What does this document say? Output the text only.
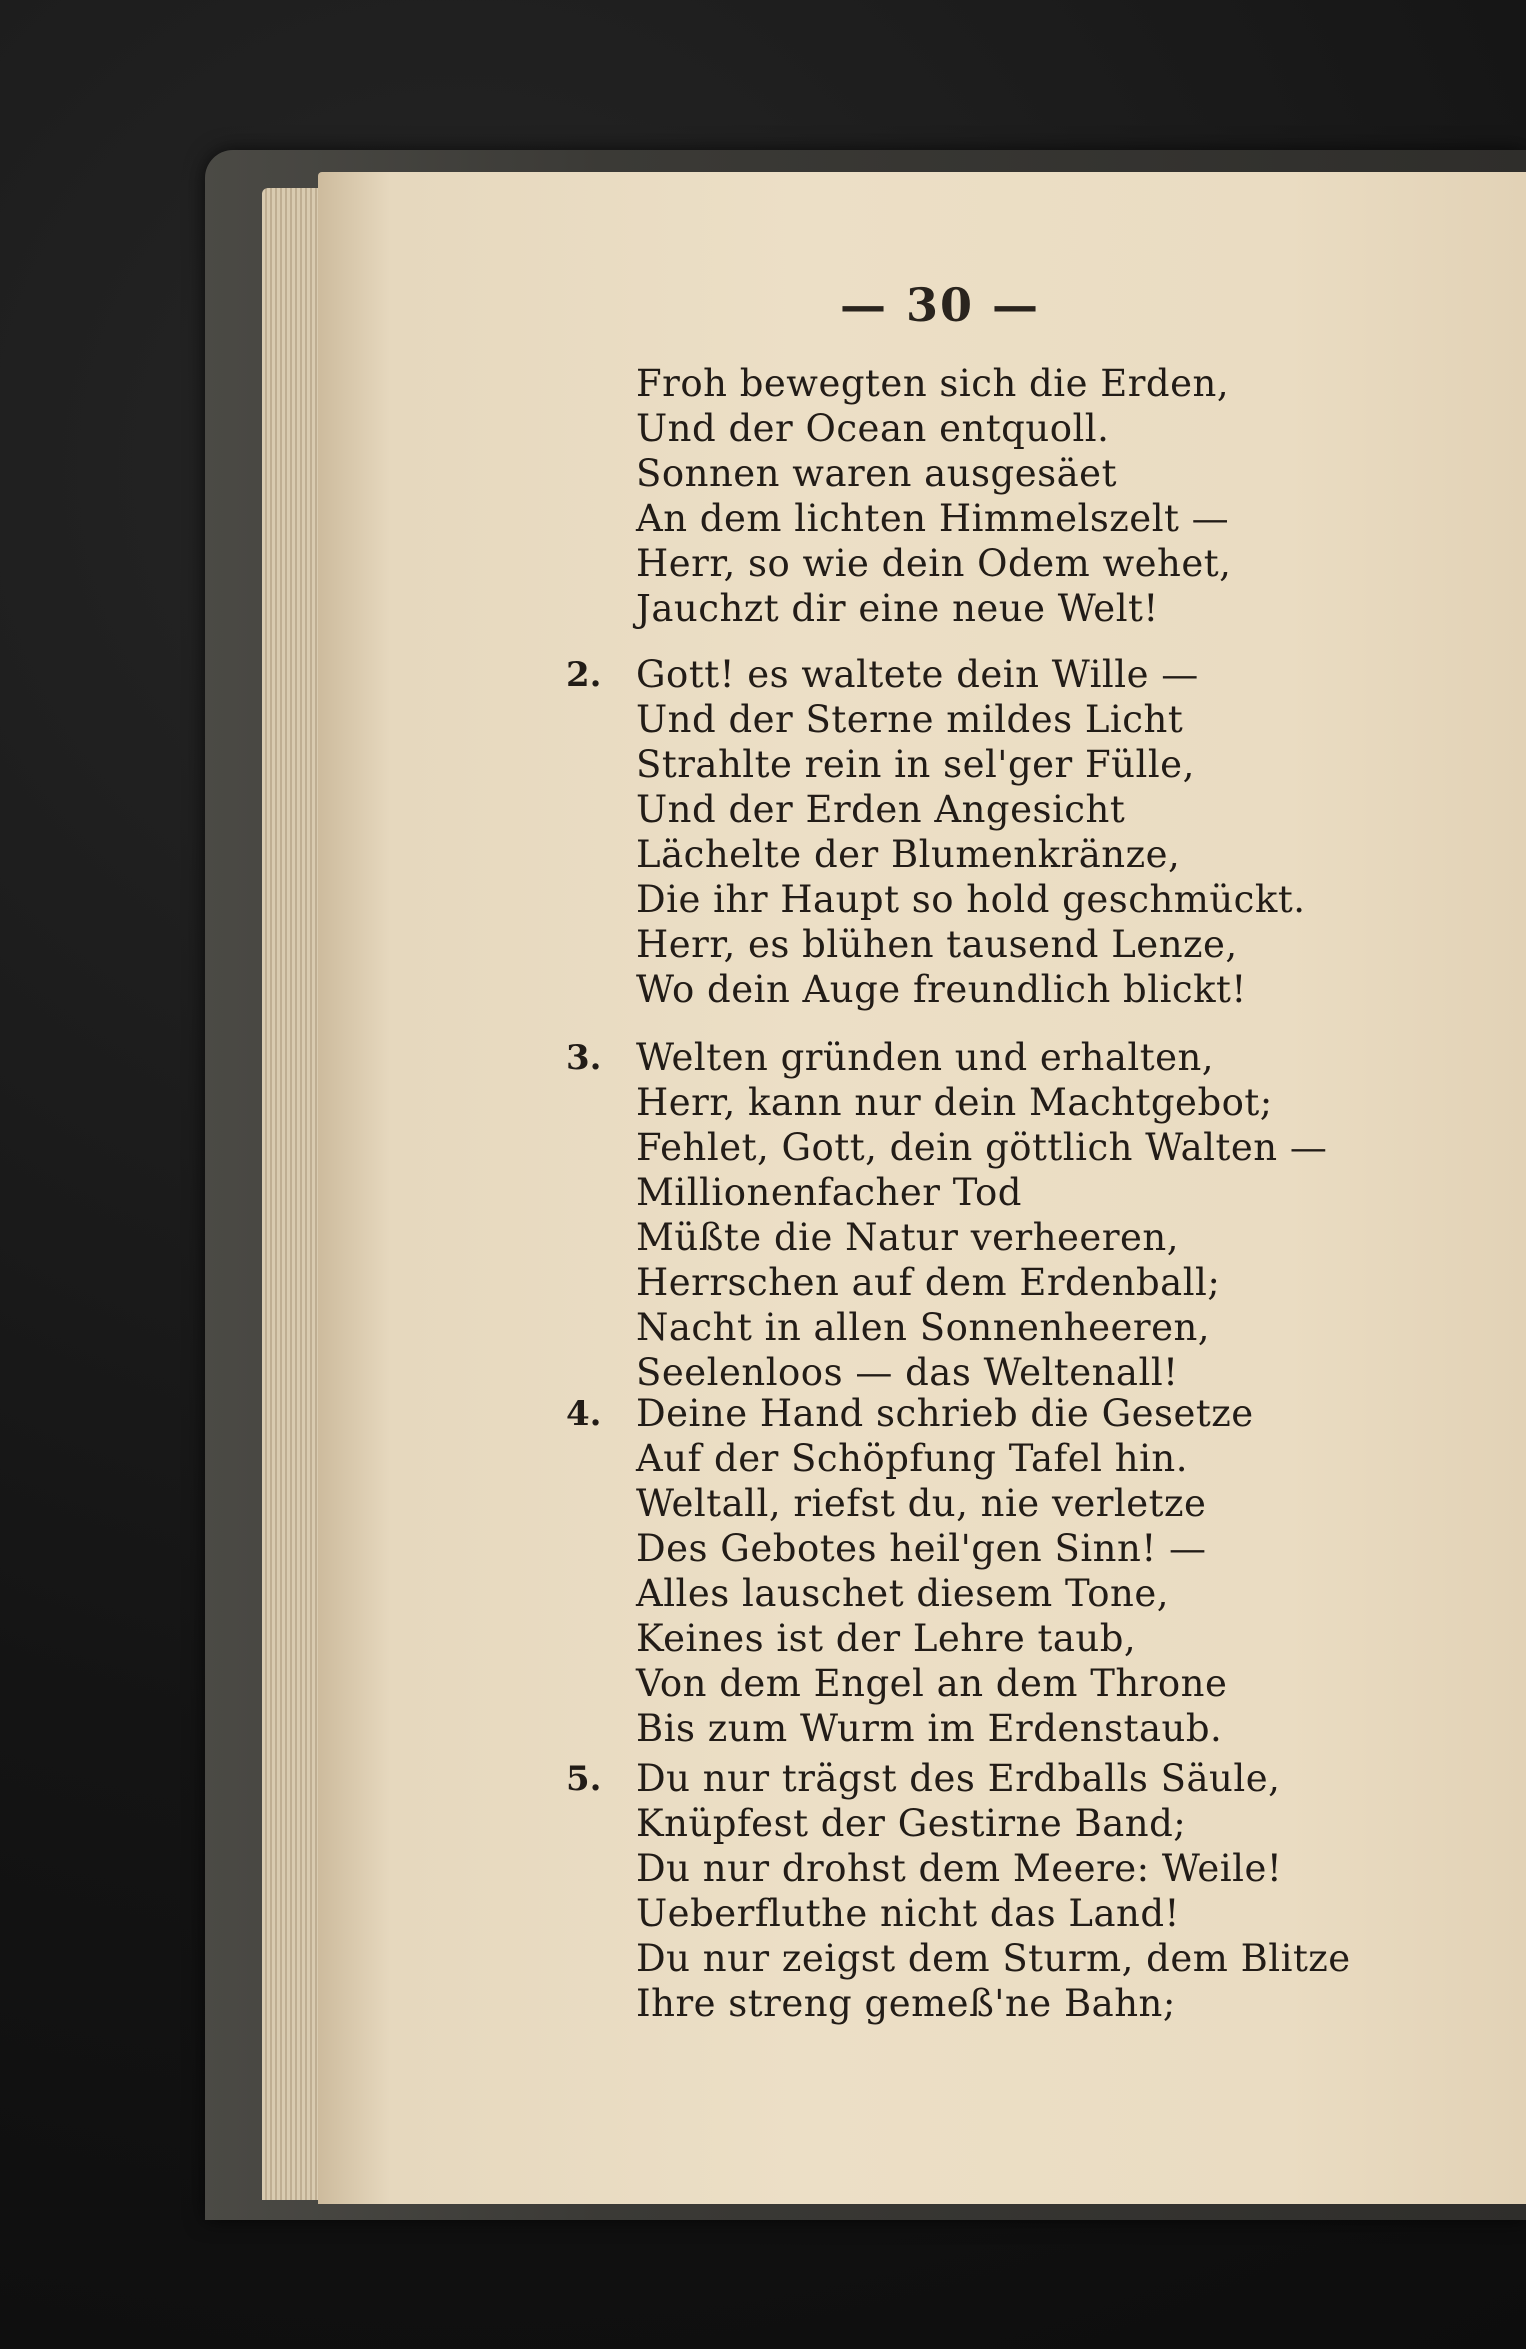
— 30 —
Froh bewegten sich die Erden,
Und der Ocean entquoll.
Sonnen waren ausgesäet
An dem lichten Himmelszelt —
Herr, so wie dein Odem wehet,
Jauchzt dir eine neue Welt!
2. Gott! es waltete dein Wille —
Und der Sterne mildes Licht
Strahlte rein in sel'ger Fülle,
Und der Erden Angesicht
Lächelte der Blumenkränze,
Die ihr Haupt so hold geschmückt.
Herr, es blühen tausend Lenze,
Wo dein Auge freundlich blickt!
3. Welten gründen und erhalten,
Herr, kann nur dein Machtgebot;
Fehlet, Gott, dein göttlich Walten —
Millionenfacher Tod
Müßte die Natur verheeren,
Herrschen auf dem Erdenball;
Nacht in allen Sonnenheeren,
Seelenloos — das Weltenall!
4. Deine Hand schrieb die Gesetze
Auf der Schöpfung Tafel hin.
Weltall, riefst du, nie verletze
Des Gebotes heil'gen Sinn! —
Alles lauschet diesem Tone,
Keines ist der Lehre taub,
Von dem Engel an dem Throne
Bis zum Wurm im Erdenstaub.
5. Du nur trägst des Erdballs Säule,
Knüpfest der Gestirne Band;
Du nur drohst dem Meere: Weile!
Ueberfluthe nicht das Land!
Du nur zeigst dem Sturm, dem Blitze
Ihre streng gemeß'ne Bahn;
